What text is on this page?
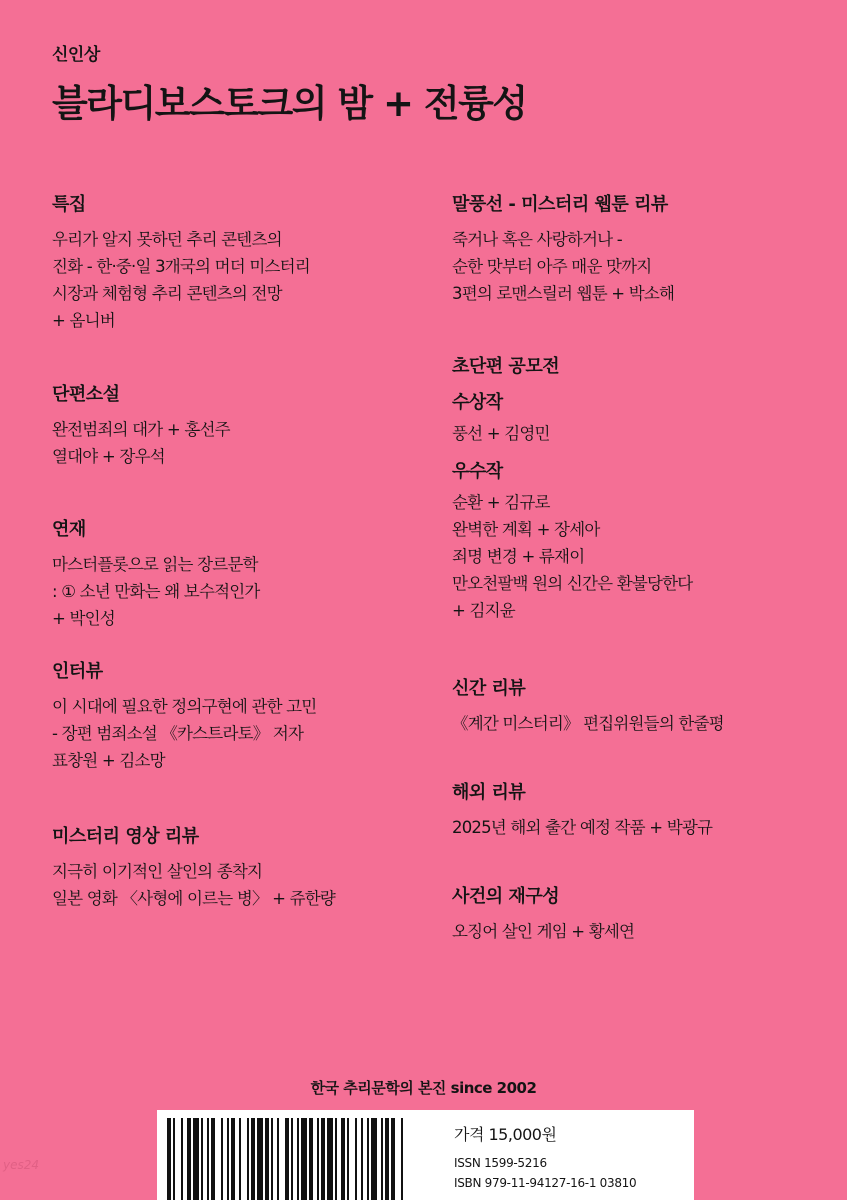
신인상
블라디보스토크의 밤 + 전륭성
특집
우리가 알지 못하던 추리 콘텐츠의
진화 - 한·중·일 3개국의 머더 미스터리
시장과 체험형 추리 콘텐츠의 전망
+ 옴니버
단편소설
완전범죄의 대가 + 홍선주
열대야 + 장우석
연재
마스터플롯으로 읽는 장르문학
: ① 소년 만화는 왜 보수적인가
+ 박인성
인터뷰
이 시대에 필요한 정의구현에 관한 고민
- 장편 범죄소설 《카스트라토》 저자
표창원 + 김소망
미스터리 영상 리뷰
지극히 이기적인 살인의 종착지
일본 영화 〈사형에 이르는 병〉 + 쥬한량
말풍선 - 미스터리 웹툰 리뷰
죽거나 혹은 사랑하거나 -
순한 맛부터 아주 매운 맛까지
3편의 로맨스릴러 웹툰 + 박소해
초단편 공모전
수상작
풍선 + 김영민
우수작
순환 + 김규로
완벽한 계획 + 장세아
죄명 변경 + 류재이
만오천팔백 원의 신간은 환불당한다
+ 김지윤
신간 리뷰
《계간 미스터리》 편집위원들의 한줄평
해외 리뷰
2025년 해외 출간 예정 작품 + 박광규
사건의 재구성
오징어 살인 게임 + 황세연
한국 추리문학의 본진 since 2002
가격 15,000원
ISSN 1599-5216
ISBN 979-11-94127-16-1 03810
yes24
